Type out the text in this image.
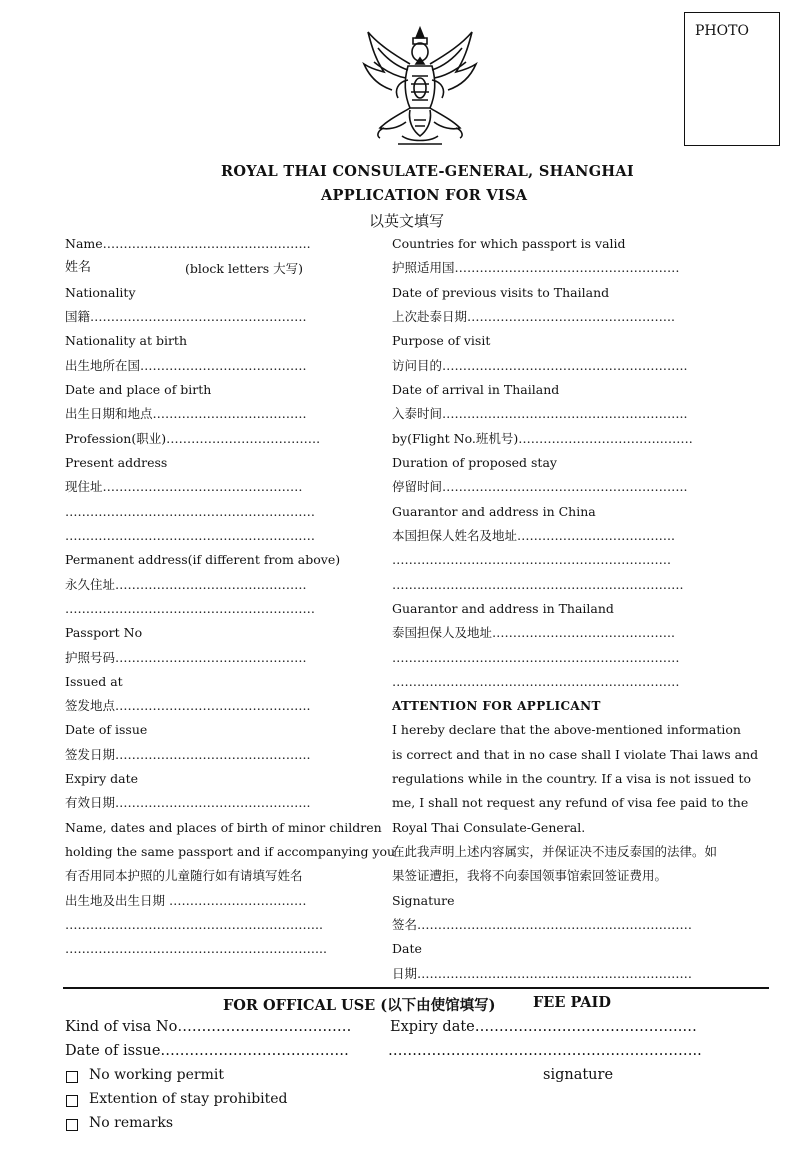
PHOTO
ROYAL THAI CONSULATE-GENERAL, SHANGHAI
APPLICATION FOR VISA
以英文填写
Name…………………………………………..
姓名	(block letters 大写)
Nationality
国籍…………………………………………….
Nationality at birth
出生地所在国………………………………….
Date and place of birth
出生日期和地点……………………………….
Profession(职业)……………………………….
Present address
现住址…………………………………………
……………………………………………………
……………………………………………………
Permanent address(if different from above)
永久住址……………………………………….
……………………………………………………
Passport No
护照号码……………………………………….
Issued at
签发地点………………………………………..
Date of issue
签发日期………………………………………..
Expiry date
有效日期………………………………………..
Name, dates and places of birth of minor children
holding the same passport and if accompanying you
有否用同本护照的儿童随行如有请填写姓名
出生地及出生日期 ……………………………
……………………………………………………..
……………………………………………………...
Countries for which passport is valid
护照适用国………………………………………………
Date of previous visits to Thailand
上次赴泰日期…………………………………………..
Purpose of visit
访问目的…………………………………………………..
Date of arrival in Thailand
入泰时间…………………………………………………..
by(Flight No.班机号)……………………………..…….
Duration of proposed stay
停留时间…………………………………………………..
Guarantor and address in China
本国担保人姓名及地址………………………………..
………………………………………………………….
…………………………………………………………….
Guarantor and address in Thailand
泰国担保人及地址……………………………………..
……………………………………………………………
……………………………………………………………
ATTENTION FOR APPLICANT
I hereby declare that the above-mentioned information
is correct and that in no case shall I violate Thai laws and
regulations while in the country. If a visa is not issued to
me, I shall not request any refund of visa fee paid to the
Royal Thai Consulate-General.
在此我声明上述内容属实，并保证决不违反泰国的法律。如
果签证遭拒，我将不向泰国领事馆索回签证费用。
Signature
签名…………………………………………………………
Date
日期…………………………………………………………
FOR OFFICAL USE (以下由使馆填写)	FEE PAID
Kind of visa No………………………………	Expiry date…………………………………….…
Date of issue…………………………………	………………………………………………………..
signature
No working permit
Extention of stay prohibited
No remarks
